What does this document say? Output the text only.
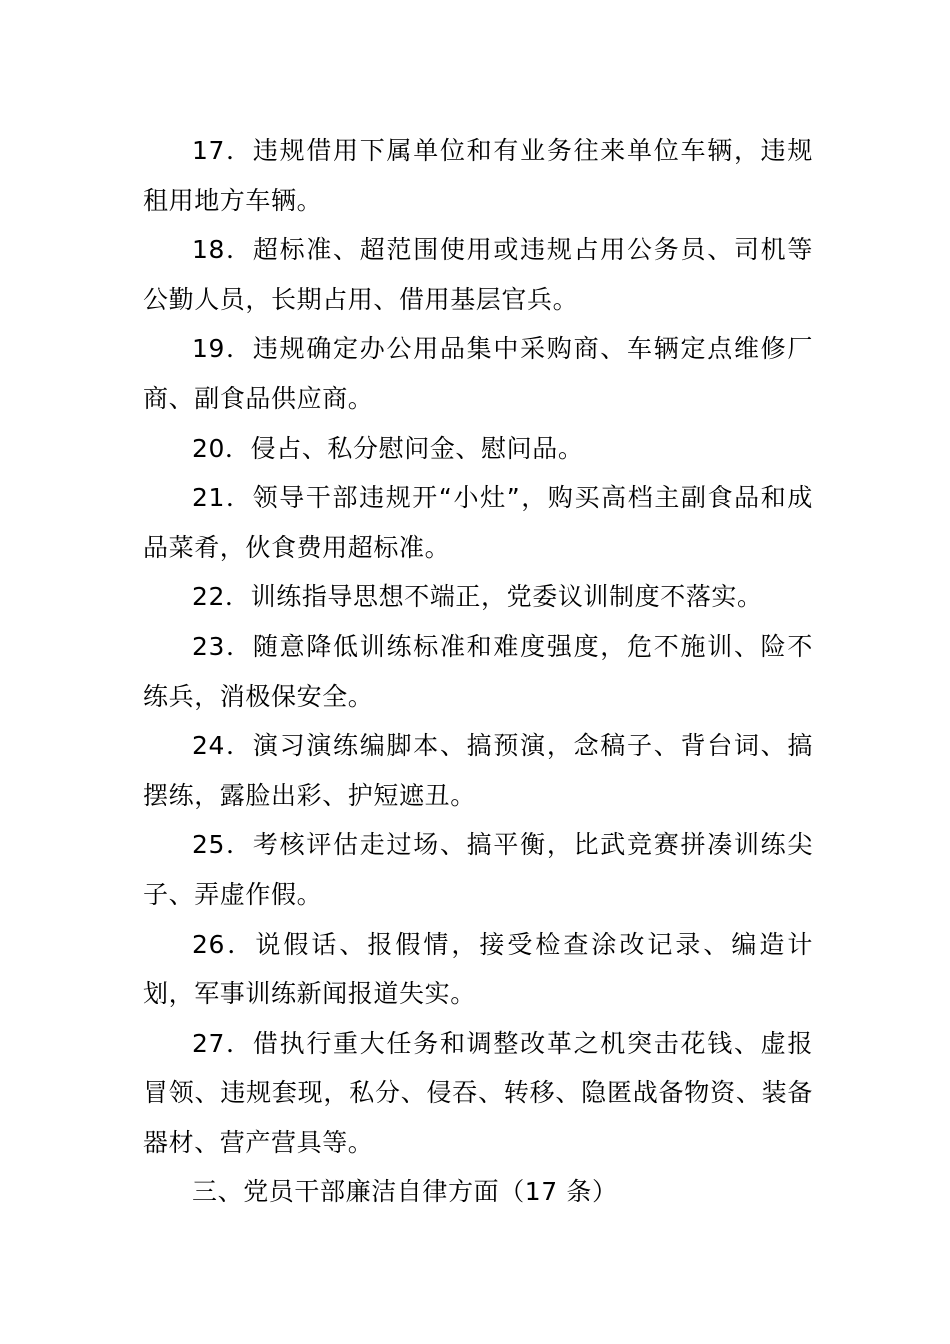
17．违规借用下属单位和有业务往来单位车辆，违规租用地方车辆。

18．超标准、超范围使用或违规占用公务员、司机等公勤人员，长期占用、借用基层官兵。

19．违规确定办公用品集中采购商、车辆定点维修厂商、副食品供应商。

20．侵占、私分慰问金、慰问品。

21．领导干部违规开“小灶”，购买高档主副食品和成品菜肴，伙食费用超标准。

22．训练指导思想不端正，党委议训制度不落实。

23．随意降低训练标准和难度强度，危不施训、险不练兵，消极保安全。

24．演习演练编脚本、搞预演，念稿子、背台词、搞摆练，露脸出彩、护短遮丑。

25．考核评估走过场、搞平衡，比武竞赛拼凑训练尖子、弄虚作假。

26．说假话、报假情，接受检查涂改记录、编造计划，军事训练新闻报道失实。

27．借执行重大任务和调整改革之机突击花钱、虚报冒领、违规套现，私分、侵吞、转移、隐匿战备物资、装备器材、营产营具等。

三、党员干部廉洁自律方面（17 条）
